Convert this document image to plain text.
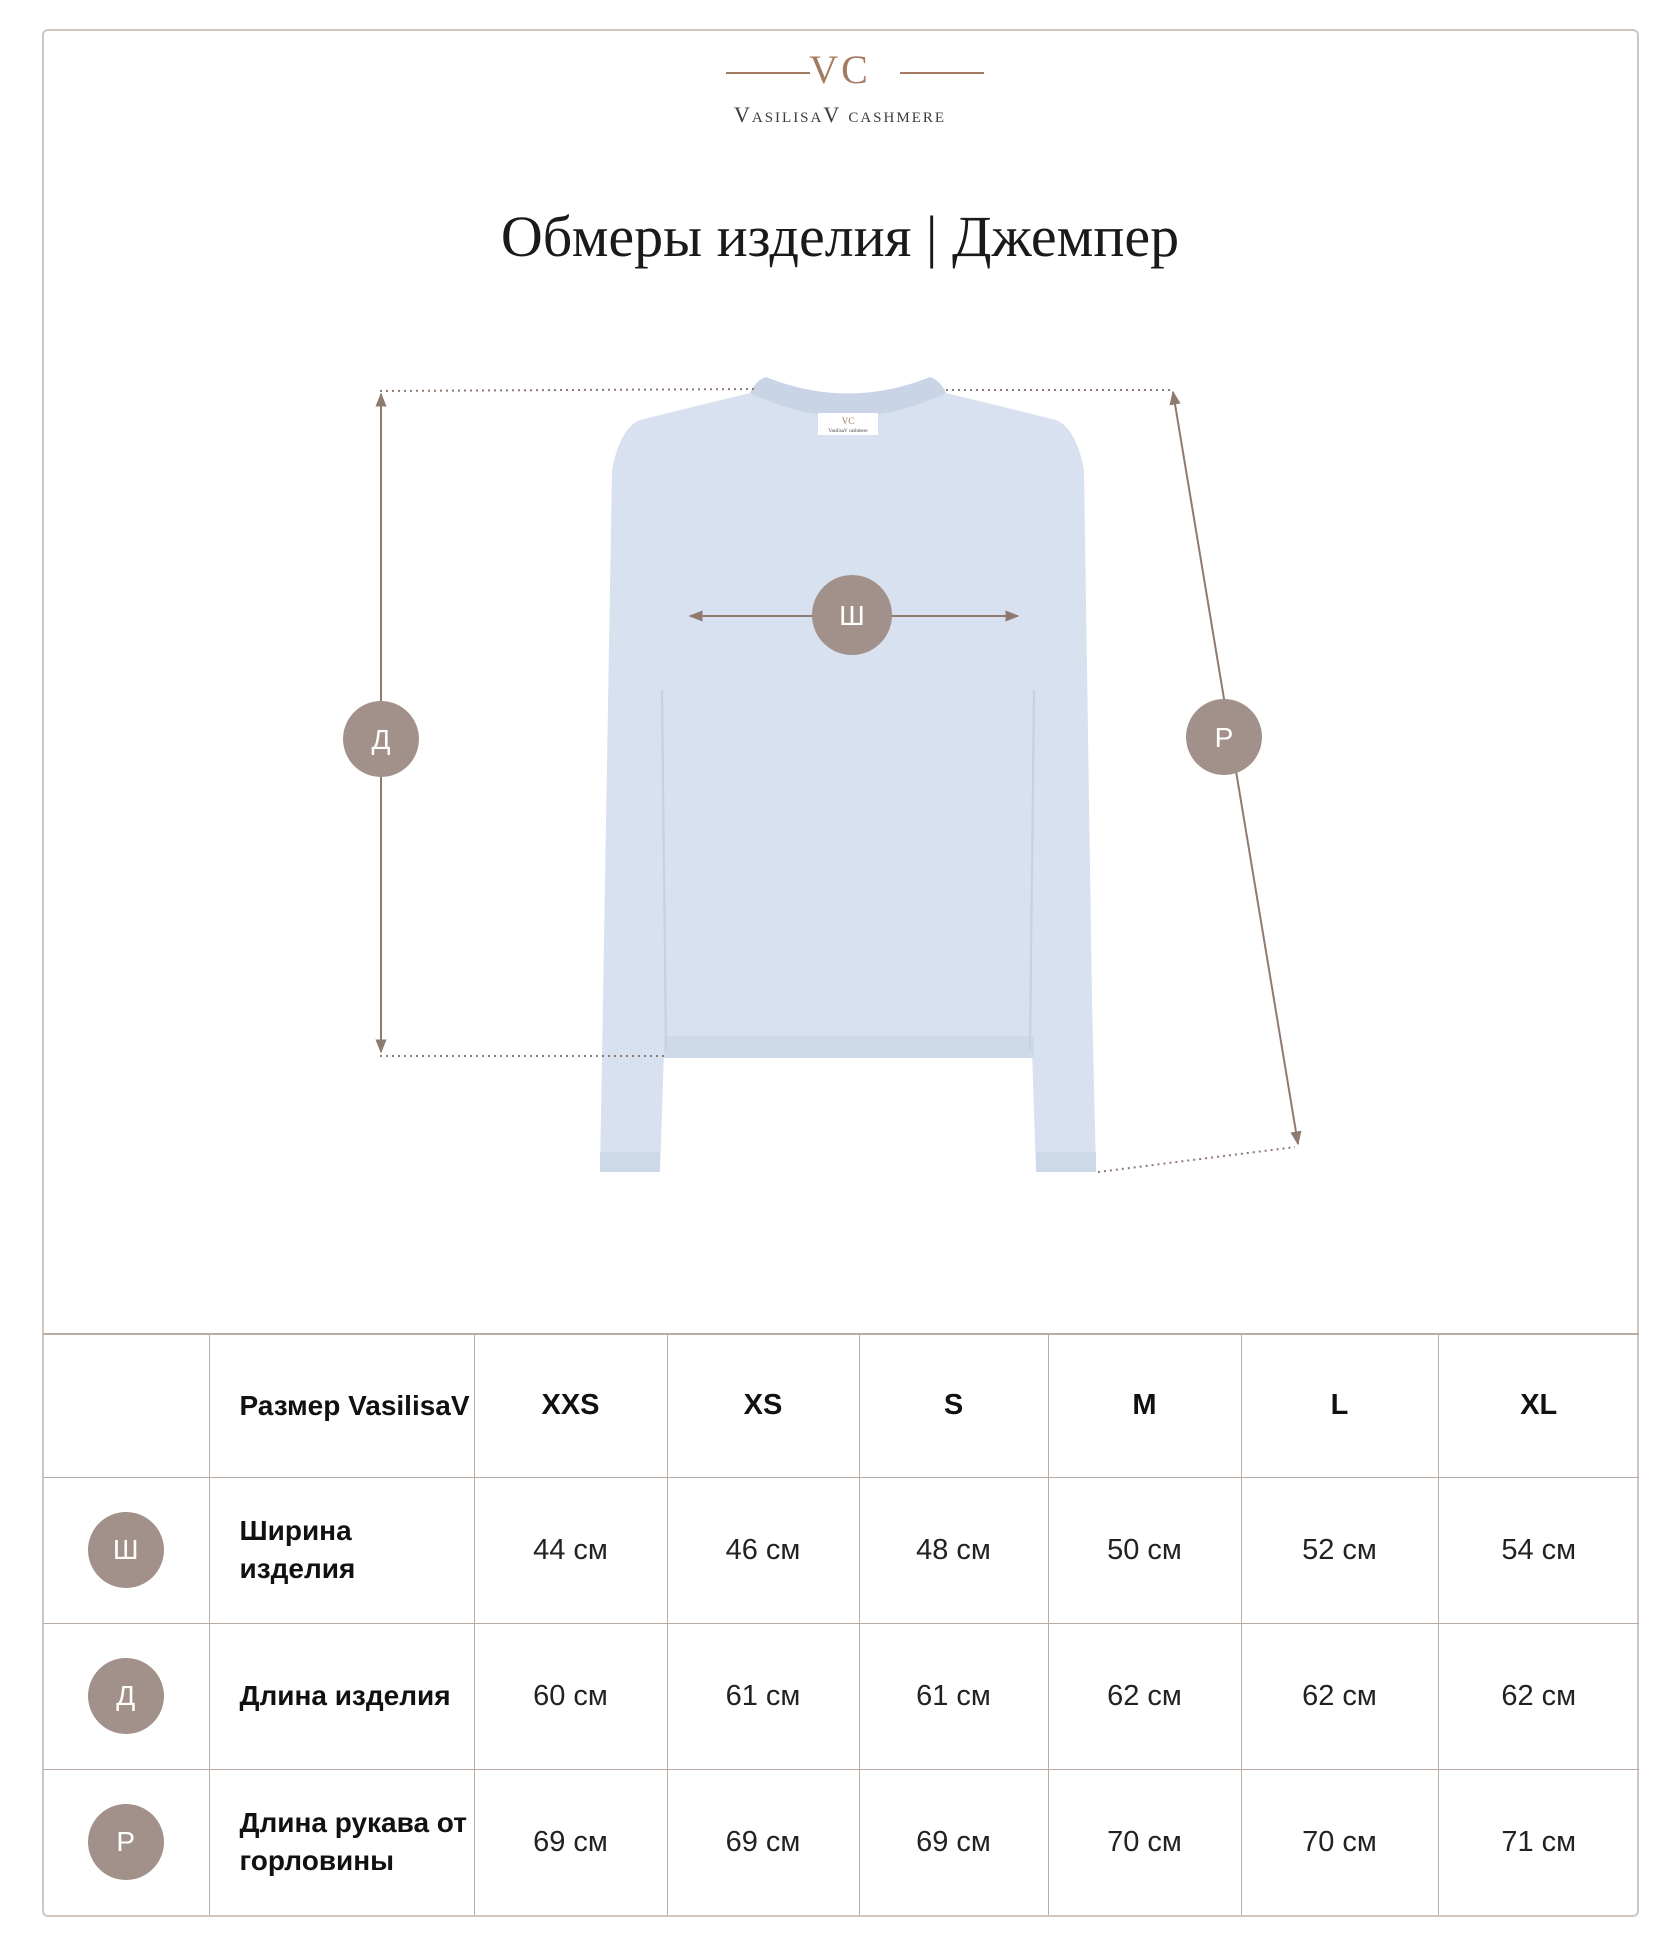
VC
VasilisaV cashmere
Обмеры изделия | Джемпер
VC
VasilisaV cashmere
Д
Ш
Р
	Размер VasilisaV	XXS	XS	S	M	L	XL
Ш	Ширина изделия	44 см	46 см	48 см	50 см	52 см	54 см
Д	Длина изделия	60 см	61 см	61 см	62 см	62 см	62 см
Р	Длина рукава от горловины	69 см	69 см	69 см	70 см	70 см	71 см
